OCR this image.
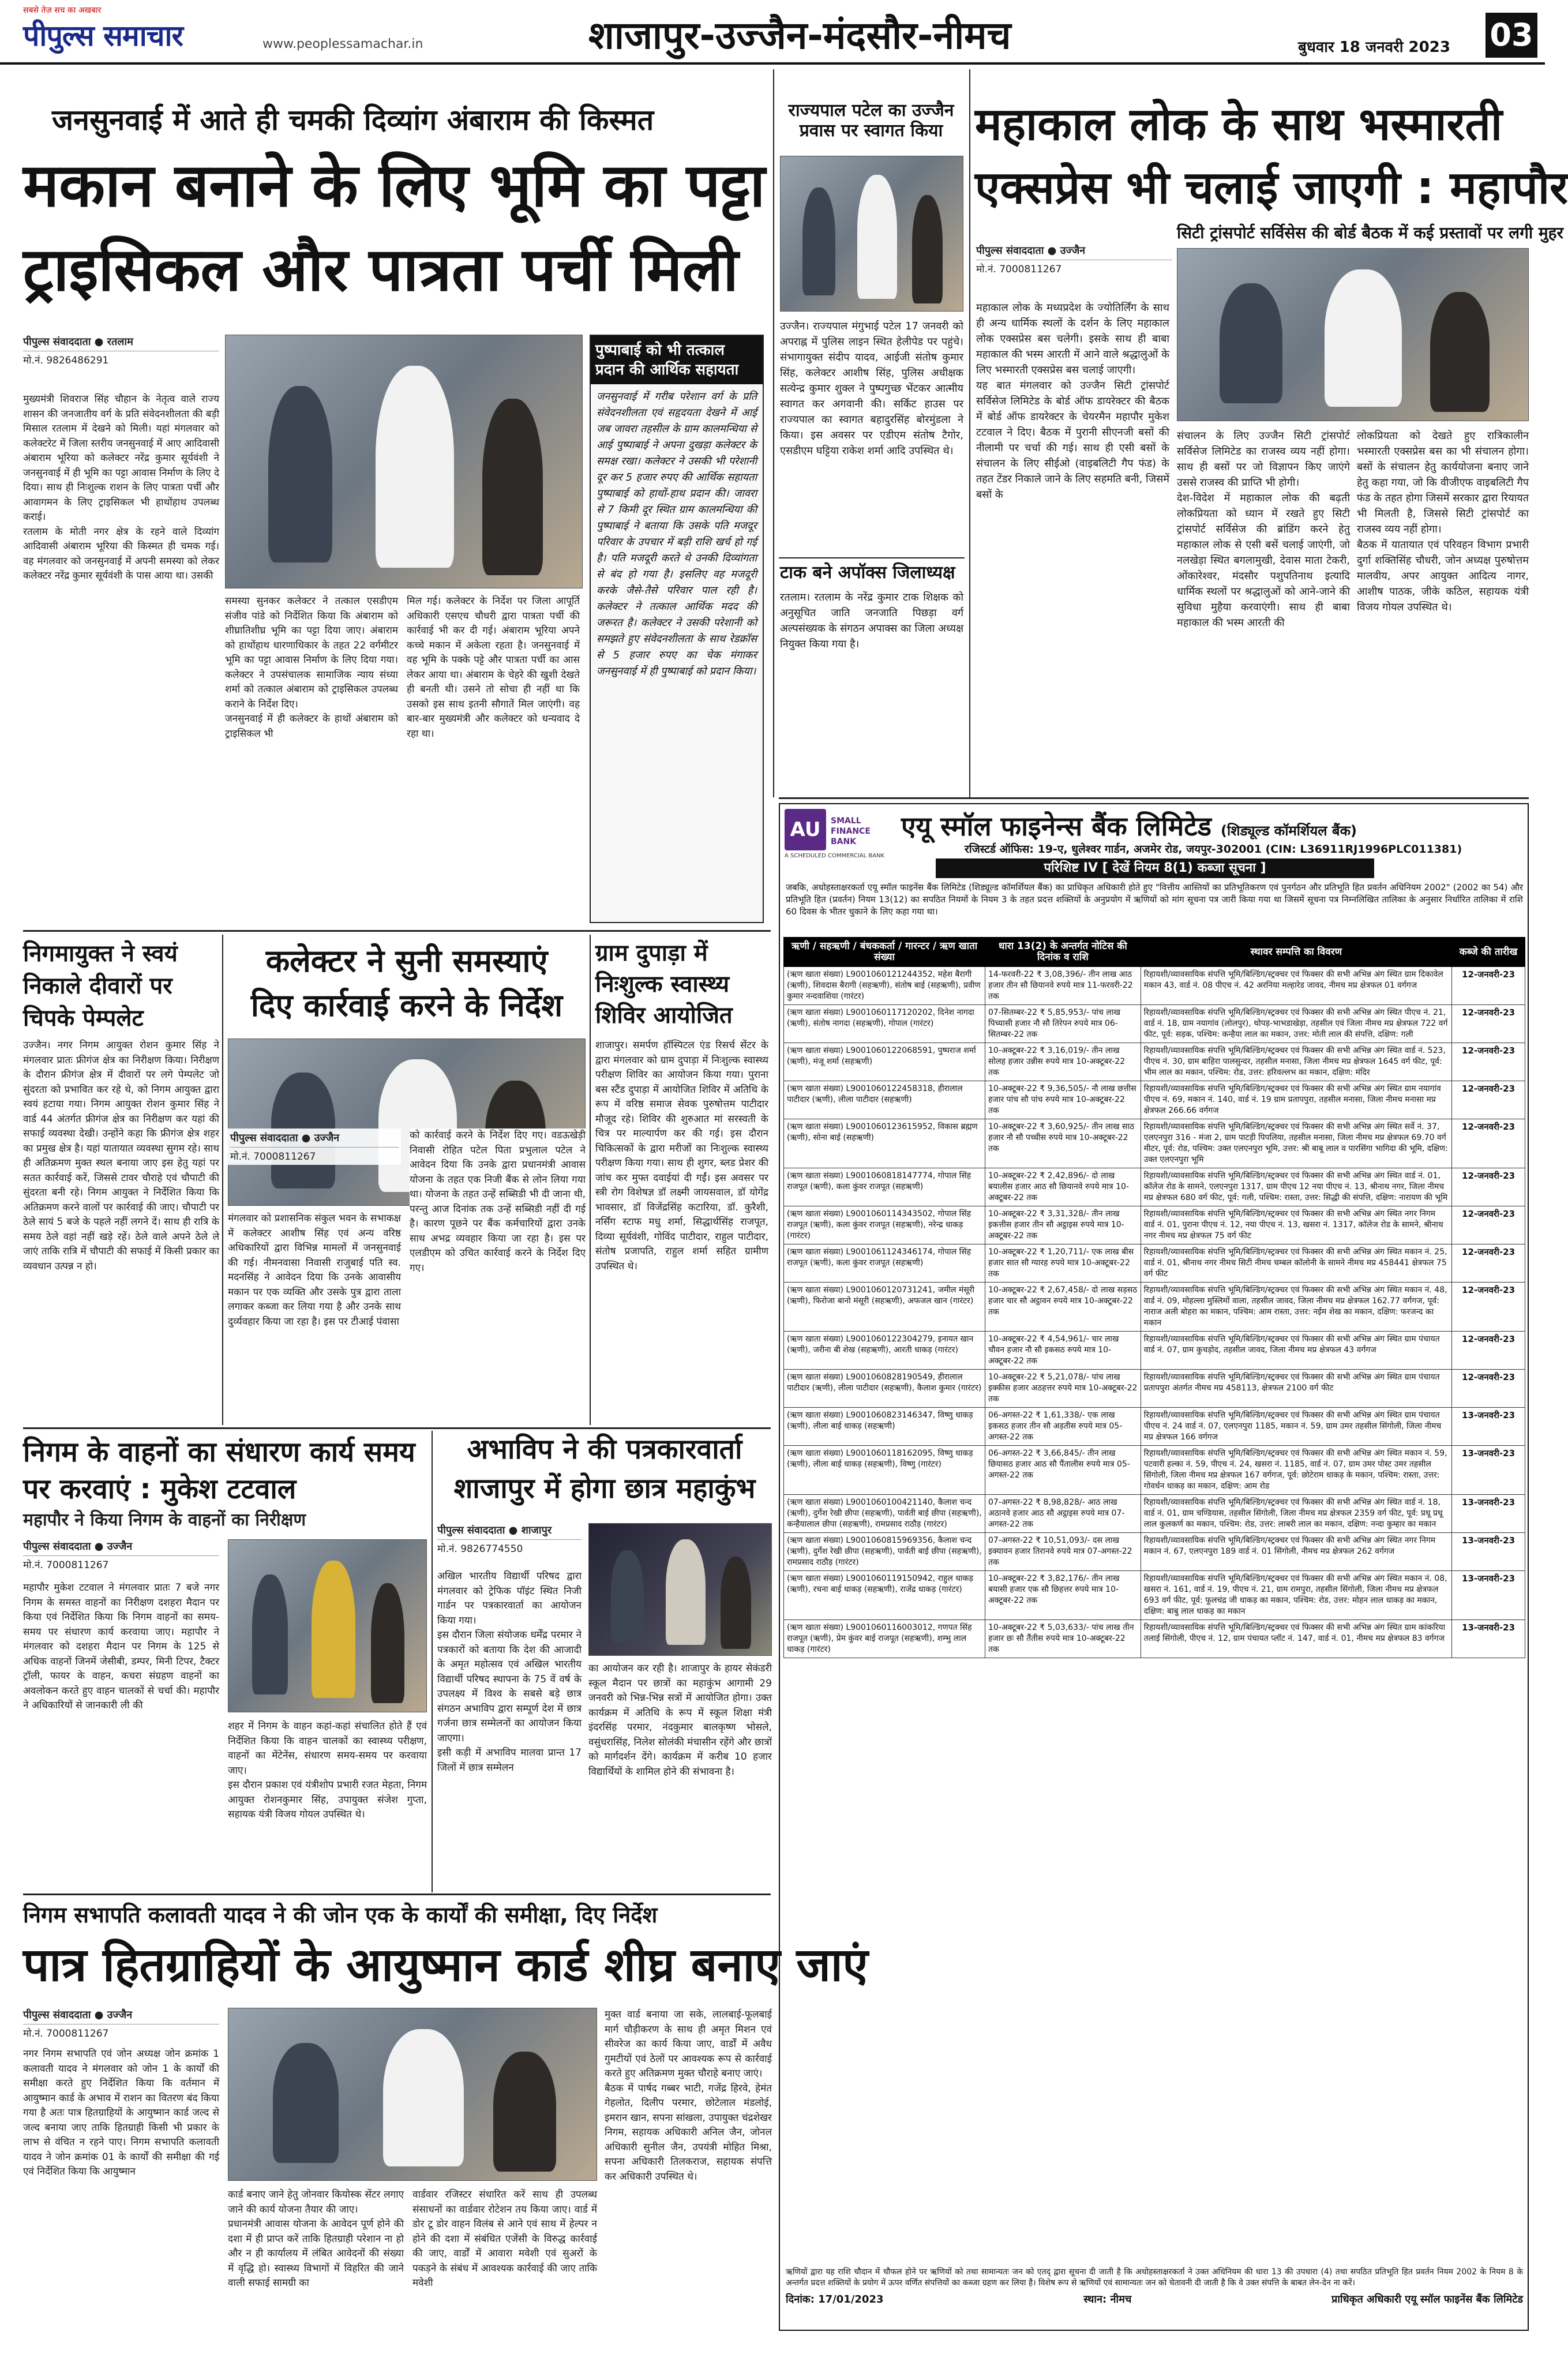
सबसे तेज़ सच का अखबार
पीपुल्स समाचार	www.peoplessamachar.in	शाजापुर-उज्जैन-मंदसौर-नीमच	बुधवार 18 जनवरी 2023 03
जनसुनवाई में आते ही चमकी दिव्यांग अंबाराम की किस्मत
मकान बनाने के लिए भूमि का पट्टा
ट्राइसिकल और पात्रता पर्ची मिली
पीपुल्स संवाददाता ● रतलाम
मो.नं. 9826486291
मुख्यमंत्री शिवराज सिंह चौहान के नेतृत्व वाले राज्य शासन की जनजातीय वर्ग के प्रति संवेदनशीलता की बड़ी मिसाल रतलाम में देखने को मिली। यहां मंगलवार को कलेक्टरेट में जिला स्तरीय जनसुनवाई में आए आदिवासी अंबाराम भूरिया को कलेक्टर नरेंद्र कुमार सूर्यवंशी ने जनसुनवाई में ही भूमि का पट्टा आवास निर्माण के लिए दे दिया। साथ ही निःशुल्क राशन के लिए पात्रता पर्ची और आवागमन के लिए ट्राइसिकल भी हाथोंहाथ उपलब्ध कराई।
रतलाम के मोती नगर क्षेत्र के रहने वाले दिव्यांग आदिवासी अंबाराम भूरिया की किस्मत ही चमक गई। वह मंगलवार को जनसुनवाई में अपनी समस्या को लेकर कलेक्टर नरेंद्र कुमार सूर्यवंशी के पास आया था। उसकी
समस्या सुनकर कलेक्टर ने तत्काल एसडीएम संजीव पांडे को निर्देशित किया कि अंबाराम को शीघ्रातिशीघ्र भूमि का पट्टा दिया जाए। अंबाराम को हाथोंहाथ धारणाधिकार के तहत 22 वर्गमीटर भूमि का पट्टा आवास निर्माण के लिए दिया गया। कलेक्टर ने उपसंचालक सामाजिक न्याय संध्या शर्मा को तत्काल अंबाराम को ट्राइसिकल उपलब्ध कराने के निर्देश दिए।
जनसुनवाई में ही कलेक्टर के हाथों अंबाराम को ट्राइसिकल भी
मिल गई। कलेक्टर के निर्देश पर जिला आपूर्ति अधिकारी एसएच चौधरी द्वारा पात्रता पर्ची की कार्रवाई भी कर दी गई। अंबाराम भूरिया अपने कच्चे मकान में अकेला रहता है। जनसुनवाई में वह भूमि के पक्के पट्टे और पात्रता पर्ची का आस लेकर आया था। अंबाराम के चेहरे की खुशी देखते ही बनती थी। उसने तो सोचा ही नहीं था कि उसको इस साथ इतनी सौगातें मिल जाएंगी। वह बार-बार मुख्यमंत्री और कलेक्टर को धन्यवाद दे रहा था।
पुष्पाबाई को भी तत्काल प्रदान की आर्थिक सहायता
जनसुनवाई में गरीब परेशान वर्ग के प्रति संवेदनशीलता एवं सहृदयता देखने में आई जब जावरा तहसील के ग्राम कालमन्धिया से आई पुष्पाबाई ने अपना दुखड़ा कलेक्टर के समक्ष रखा। कलेक्टर ने उसकी भी परेशानी दूर कर 5 हजार रुपए की आर्थिक सहायता पुष्पाबाई को हाथों-हाथ प्रदान की। जावरा से 7 किमी दूर स्थित ग्राम कालमन्धिया की पुष्पाबाई ने बताया कि उसके पति मजदूर परिवार के उपचार में बड़ी राशि खर्च हो गई है। पति मजदूरी करते थे उनकी दिव्यांगता से बंद हो गया है। इसलिए वह मजदूरी करके जैसे-तैसे परिवार पाल रही है। कलेक्टर ने तत्काल आर्थिक मदद की जरूरत है। कलेक्टर ने उसकी परेशानी को समझते हुए संवेदनशीलता के साथ रेडक्रॉस से 5 हजार रुपए का चेक मंगाकर जनसुनवाई में ही पुष्पाबाई को प्रदान किया।
राज्यपाल पटेल का उज्जैन प्रवास पर स्वागत किया
उज्जैन। राज्यपाल मंगुभाई पटेल 17 जनवरी को अपराह्न में पुलिस लाइन स्थित हेलीपेड पर पहुंचे। संभागायुक्त संदीप यादव, आईजी संतोष कुमार सिंह, कलेक्टर आशीष सिंह, पुलिस अधीक्षक सत्येन्द्र कुमार शुक्ल ने पुष्पगुच्छ भेंटकर आत्मीय स्वागत कर अगवानी की। सर्किट हाउस पर राज्यपाल का स्वागत बहादुरसिंह बोरमुंडला ने किया। इस अवसर पर एडीएम संतोष टैगोर, एसडीएम घट्टिया राकेश शर्मा आदि उपस्थित थे।
टाक बने अपॉक्स जिलाध्यक्ष
रतलाम। रतलाम के नरेंद्र कुमार टाक शिक्षक को अनुसूचित जाति जनजाति पिछड़ा वर्ग अल्पसंख्यक के संगठन अपाक्स का जिला अध्यक्ष नियुक्त किया गया है।
महाकाल लोक के साथ भस्मारती
एक्सप्रेस भी चलाई जाएगी : महापौर
सिटी ट्रांसपोर्ट सर्विसेस की बोर्ड बैठक में कई प्रस्तावों पर लगी मुहर
पीपुल्स संवाददाता ● उज्जैन
मो.नं. 7000811267
महाकाल लोक के मध्यप्रदेश के ज्योतिर्लिंग के साथ ही अन्य धार्मिक स्थलों के दर्शन के लिए महाकाल लोक एक्सप्रेस बस चलेगी। इसके साथ ही बाबा महाकाल की भस्म आरती में आने वाले श्रद्धालुओं के लिए भस्मारती एक्सप्रेस बस चलाई जाएगी।
यह बात मंगलवार को उज्जैन सिटी ट्रांसपोर्ट सर्विसेज लिमिटेड के बोर्ड ऑफ डायरेक्टर की बैठक में बोर्ड ऑफ डायरेक्टर के चेयरमैन महापौर मुकेश टटवाल ने दिए। बैठक में पुरानी सीएनजी बसों की नीलामी पर चर्चा की गई। साथ ही एसी बसों के संचालन के लिए सीईओ (वाइबलिटी गैप फंड) के तहत टेंडर निकाले जाने के लिए सहमति बनी, जिसमें बसों के
संचालन के लिए उज्जैन सिटी ट्रांसपोर्ट सर्विसेज लिमिटेड का राजस्व व्यय नहीं होगा। साथ ही बसों पर जो विज्ञापन किए जाएंगे उससे राजस्व की प्राप्ति भी होगी।
देश-विदेश में महाकाल लोक की बढ़ती लोकप्रियता को ध्यान में रखते हुए सिटी ट्रांसपोर्ट सर्विसेज की ब्रांडिंग करने हेतु महाकाल लोक से एसी बसें चलाई जाएंगी, जो नलखेड़ा स्थित बगलामुखी, देवास माता टेकरी, ओंकारेश्वर, मंदसौर पशुपतिनाथ इत्यादि धार्मिक स्थलों पर श्रद्धालुओं को आने-जाने की सुविधा मुहैया करवाएंगी। साथ ही बाबा महाकाल की भस्म आरती की
लोकप्रियता को देखते हुए रात्रिकालीन भस्मारती एक्सप्रेस बस का भी संचालन होगा। बसों के संचालन हेतु कार्ययोजना बनाए जाने हेतु कहा गया, जो कि वीजीएफ वाइबलिटी गैप फंड के तहत होगा जिसमें सरकार द्वारा रियायत भी मिलती है, जिससे सिटी ट्रांसपोर्ट का राजस्व व्यय नहीं होगा।
बैठक में यातायात एवं परिवहन विभाग प्रभारी दुर्गा शक्तिसिंह चौधरी, जोन अध्यक्ष पुरुषोत्तम मालवीय, अपर आयुक्त आदित्य नागर, आशीष पाठक, जीके कठिल, सहायक यंत्री विजय गोयल उपस्थित थे।
AU	SMALL FINANCE BANK
A SCHEDULED COMMERCIAL BANK
एयू स्मॉल फाइनेन्स बैंक लिमिटेड (शिड्यूल्ड कॉमर्शियल बैंक)
रजिस्टर्ड ऑफिस: 19-ए, धुलेश्वर गार्डन, अजमेर रोड, जयपुर-302001 (CIN: L36911RJ1996PLC011381)
परिशिष्ट IV [ देखें नियम 8(1) कब्जा सूचना ]
जबकि, अधोहस्ताक्षरकर्ता एयू स्मॉल फाइनेंस बैंक लिमिटेड (शिड्यूल्ड कॉमर्शियल बैंक) का प्राधिकृत अधिकारी होते हुए "वित्तीय आस्तियों का प्रतिभूतिकरण एवं पुनर्गठन और प्रतिभूति हित प्रवर्तन अधिनियम 2002" (2002 का 54) और प्रतिभूति हित (प्रवर्तन) नियम 13(12) का सपठित नियमों के नियम 3 के तहत प्रदत्त शक्तियों के अनुप्रयोग में ऋणियों को मांग सूचना पत्र जारी किया गया था जिसमें सूचना पत्र निम्नलिखित तालिका के अनुसार निर्धारित तालिका में राशि 60 दिवस के भीतर चुकाने के लिए कहा गया था।
ऋणी / सहऋणी / बंधककर्ता / गारन्टर / ऋण खाता संख्या	धारा 13(2) के अन्तर्गत नोटिस की दिनांक व राशि	स्थावर सम्पत्ति का विवरण	कब्जे की तारीख
(ऋण खाता संख्या) L9001060121244352, महेश बैरागी (ऋणी), शिवदास बैरागी (सहऋणी), संतोष बाई (सहऋणी), प्रवीण कुमार नन्दवाशिया (गारंटर)	14-फरवरी-22 ₹ 3,08,396/- तीन लाख आठ हजार तीन सौ छियानवे रुपये मात्र 11-फरवरी-22 तक	रिहायशी/व्यावसायिक संपत्ति भूमि/बिल्डिंग/स्ट्रक्चर एवं फिक्सर की सभी अभिन्न अंग स्थित ग्राम दिकावेल मकान 43, वार्ड नं. 08 पीएच नं. 42 अरनिया मल्हारेड जावद, नीमच मप्र क्षेत्रफल 01 वर्गगज	12-जनवरी-23
(ऋण खाता संख्या) L9001060117120202, दिनेश नागदा (ऋणी), संतोष नागदा (सहऋणी), गोपाल (गारंटर)	07-सितम्बर-22 ₹ 5,85,953/- पांच लाख पिच्यासी हजार नौ सौ तिरेपन रुपये मात्र 06-सितम्बर-22 तक	रिहायशी/व्यावसायिक संपत्ति भूमि/बिल्डिंग/स्ट्रक्चर एवं फिक्सर की सभी अभिन्न अंग स्थित पीएच नं. 21, वार्ड नं. 18, ग्राम नयागांव (लोलपुर), थोपड़-भाभडाखेड़ा, तहसील एवं जिला नीमच मप्र क्षेत्रफल 722 वर्ग फीट, पूर्व: सड़क, पश्चिम: कन्हैया लाल का मकान, उत्तर: मोती लाल की संपत्ति, दक्षिण: गली	12-जनवरी-23
(ऋण खाता संख्या) L9001060122068591, पुष्पराज शर्मा (ऋणी), मंजू शर्मा (सहऋणी)	10-अक्टूबर-22 ₹ 3,16,019/- तीन लाख सोलह हजार उन्नीस रुपये मात्र 10-अक्टूबर-22 तक	रिहायशी/व्यावसायिक संपत्ति भूमि/बिल्डिंग/स्ट्रक्चर एवं फिक्सर की सभी अभिन्न अंग स्थित वार्ड नं. 523, पीएच नं. 30, ग्राम बाहिरा पालसुन्दर, तहसील मनासा, जिला नीमच मप्र क्षेत्रफल 1645 वर्ग फीट, पूर्व: भीम लाल का मकान, पश्चिम: रोड, उत्तर: हरिवल्लभ का मकान, दक्षिण: मंदिर	12-जनवरी-23
(ऋण खाता संख्या) L9001060122458318, हीरालाल पाटीदार (ऋणी), लीला पाटीदार (सहऋणी)	10-अक्टूबर-22 ₹ 9,36,505/- नौ लाख छत्तीस हजार पांच सौ पांच रुपये मात्र 10-अक्टूबर-22 तक	रिहायशी/व्यावसायिक संपत्ति भूमि/बिल्डिंग/स्ट्रक्चर एवं फिक्सर की सभी अभिन्न अंग स्थित ग्राम नयागांव पीएच नं. 69, मकान नं. 140, वार्ड नं. 19 ग्राम प्रतापपुरा, तहसील मनासा, जिला नीमच मनासा मप्र क्षेत्रफल 266.66 वर्गगज	12-जनवरी-23
(ऋण खाता संख्या) L9001060123615952, विकास ब्रह्मण (ऋणी), सोना बाई (सहऋणी)	10-अक्टूबर-22 ₹ 3,60,925/- तीन लाख साठ हजार नौ सौ पच्चीस रुपये मात्र 10-अक्टूबर-22 तक	रिहायशी/व्यावसायिक संपत्ति भूमि/बिल्डिंग/स्ट्रक्चर एवं फिक्सर की सभी अभिन्न अंग स्थित सर्वे नं. 37, एलएनपुरा 316 - मंजा 2, ग्राम पाटड़ी पिपलिया, तहसील मनासा, जिला नीमच मप्र क्षेत्रफल 69.70 वर्ग मीटर, पूर्व: रोड, पश्चिम: उक्त एलएनपुरा भूमि, उत्तर: श्री बाबू लाल व पारसिंगा भागिदा की भूमि, दक्षिण: उक्त एलएनपुरा भूमि	12-जनवरी-23
(ऋण खाता संख्या) L9001060818147774, गोपाल सिंह राजपूत (ऋणी), कला कुंवर राजपूत (सहऋणी)	10-अक्टूबर-22 ₹ 2,42,896/- दो लाख बयालीस हजार आठ सौ छियानवे रुपये मात्र 10-अक्टूबर-22 तक	रिहायशी/व्यावसायिक संपत्ति भूमि/बिल्डिंग/स्ट्रक्चर एवं फिक्सर की सभी अभिन्न अंग स्थित वार्ड नं. 01, कॉलेज रोड के सामने, एलएनपुरा 1317, ग्राम पीएच 12 नया पीएच नं. 13, श्रीनाथ नगर, जिला नीमच मप्र क्षेत्रफल 680 वर्ग फीट, पूर्व: गली, पश्चिम: रास्ता, उत्तर: सिद्धी की संपत्ति, दक्षिण: नारायण की भूमि	12-जनवरी-23
(ऋण खाता संख्या) L9001060114343502, गोपाल सिंह राजपूत (ऋणी), कला कुंवर राजपूत (सहऋणी), नरेन्द्र धाकड़ (गारंटर)	10-अक्टूबर-22 ₹ 3,31,328/- तीन लाख इकत्तीस हजार तीन सौ अट्ठाइस रुपये मात्र 10-अक्टूबर-22 तक	रिहायशी/व्यावसायिक संपत्ति भूमि/बिल्डिंग/स्ट्रक्चर एवं फिक्सर की सभी अभिन्न अंग स्थित नगर निगम वार्ड नं. 01, पुराना पीएच नं. 12, नया पीएच नं. 13, खसरा नं. 1317, कॉलेज रोड के सामने, श्रीनाथ नगर नीमच मप्र क्षेत्रफल 75 वर्ग फीट	12-जनवरी-23
(ऋण खाता संख्या) L9001061124346174, गोपाल सिंह राजपूत (ऋणी), कला कुंवर राजपूत (सहऋणी)	10-अक्टूबर-22 ₹ 1,20,711/- एक लाख बीस हजार सात सौ ग्यारह रुपये मात्र 10-अक्टूबर-22 तक	रिहायशी/व्यावसायिक संपत्ति भूमि/बिल्डिंग/स्ट्रक्चर एवं फिक्सर की सभी अभिन्न अंग स्थित मकान नं. 25, वार्ड नं. 01, श्रीनाथ नगर नीमच सिटी नीमच चम्बल कॉलोनी के सामने नीमच मप्र 458441 क्षेत्रफल 75 वर्ग फीट	12-जनवरी-23
(ऋण खाता संख्या) L9001060120731241, जमील मंसूरी (ऋणी), फिरोजा बानो मंसूरी (सहऋणी), अफजल खान (गारंटर)	10-अक्टूबर-22 ₹ 2,67,458/- दो लाख सड़सठ हजार चार सौ अट्ठावन रुपये मात्र 10-अक्टूबर-22 तक	रिहायशी/व्यावसायिक संपत्ति भूमि/बिल्डिंग/स्ट्रक्चर एवं फिक्सर की सभी अभिन्न अंग स्थित मकान नं. 48, वार्ड नं. 09, मोहल्ला मुस्लिमों वाला, तहसील जावद, जिला नीमच मप्र क्षेत्रफल 162.77 वर्गगज, पूर्व: नाराज अली बोहरा का मकान, पश्चिम: आम रास्ता, उत्तर: नईम शेख का मकान, दक्षिण: फरजन्द का मकान	12-जनवरी-23
(ऋण खाता संख्या) L9001060122304279, इनायत खान (ऋणी), जरीना बी शेख (सहऋणी), आरती धाकड़ (गारंटर)	10-अक्टूबर-22 ₹ 4,54,961/- चार लाख चौवन हजार नौ सौ इकसठ रुपये मात्र 10-अक्टूबर-22 तक	रिहायशी/व्यावसायिक संपत्ति भूमि/बिल्डिंग/स्ट्रक्चर एवं फिक्सर की सभी अभिन्न अंग स्थित ग्राम पंचायत वार्ड नं. 07, ग्राम कुचड़ोद, तहसील जावद, जिला नीमच मप्र क्षेत्रफल 43 वर्गगज	12-जनवरी-23
(ऋण खाता संख्या) L9001060828190549, हीरालाल पाटीदार (ऋणी), लीला पाटीदार (सहऋणी), कैलाश कुमार (गारंटर)	10-अक्टूबर-22 ₹ 5,21,078/- पांच लाख इक्कीस हजार अठहत्तर रुपये मात्र 10-अक्टूबर-22 तक	रिहायशी/व्यावसायिक संपत्ति भूमि/बिल्डिंग/स्ट्रक्चर एवं फिक्सर की सभी अभिन्न अंग स्थित ग्राम पंचायत प्रतापपुरा अंतर्गत नीमच मप्र 458113, क्षेत्रफल 2100 वर्ग फीट	12-जनवरी-23
(ऋण खाता संख्या) L9001060823146347, विष्णु धाकड़ (ऋणी), लीला बाई धाकड़ (सहऋणी)	06-अगस्त-22 ₹ 1,61,338/- एक लाख इकसठ हजार तीन सौ अड़तीस रुपये मात्र 05-अगस्त-22 तक	रिहायशी/व्यावसायिक संपत्ति भूमि/बिल्डिंग/स्ट्रक्चर एवं फिक्सर की सभी अभिन्न अंग स्थित ग्राम पंचायत पीएच नं. 24 वार्ड नं. 07, एलएनपुरा 1185, मकान नं. 59, ग्राम उमर तहसील सिंगोली, जिला नीमच मप्र क्षेत्रफल 166 वर्गगज	13-जनवरी-23
(ऋण खाता संख्या) L9001060118162095, विष्णु धाकड़ (ऋणी), लीला बाई धाकड़ (सहऋणी), विष्णु (गारंटर)	06-अगस्त-22 ₹ 3,66,845/- तीन लाख छियासठ हजार आठ सौ पैंतालीस रुपये मात्र 05-अगस्त-22 तक	रिहायशी/व्यावसायिक संपत्ति भूमि/बिल्डिंग/स्ट्रक्चर एवं फिक्सर की सभी अभिन्न अंग स्थित मकान नं. 59, पटवारी हल्का नं. 59, पीएच नं. 24, खसरा नं. 1185, वार्ड नं. 07, ग्राम उमर पोस्ट उमर तहसील सिंगोली, जिला नीमच मप्र क्षेत्रफल 167 वर्गगज, पूर्व: छोटेराम धाकड़ के मकान, पश्चिम: रास्ता, उत्तर: गोवर्धन धाकड़ का मकान, दक्षिण: आम रोड	13-जनवरी-23
(ऋण खाता संख्या) L9001060100421140, कैलाश चन्द (ऋणी), दुर्गेश रेखी छीपा (सहऋणी), पार्वती बाई छीपा (सहऋणी), कन्हैयालाल छीपा (सहऋणी), रामप्रसाद राठौड़ (गारंटर)	07-अगस्त-22 ₹ 8,98,828/- आठ लाख अठानवे हजार आठ सौ अट्ठाइस रुपये मात्र 07-अगस्त-22 तक	रिहायशी/व्यावसायिक संपत्ति भूमि/बिल्डिंग/स्ट्रक्चर एवं फिक्सर की सभी अभिन्न अंग स्थित वार्ड नं. 18, वार्ड नं. 01, ग्राम चण्डियास, तहसील सिंगोली, जिला नीमच मप्र क्षेत्रफल 2359 वर्ग फीट, पूर्व: प्रधू प्रधू लाल कुलकर्ण का मकान, पश्चिम: रोड, उत्तर: लाबरी लाल का मकान, दक्षिण: नन्दा कुम्हार का मकान	13-जनवरी-23
(ऋण खाता संख्या) L9001060815969356, कैलाश चन्द (ऋणी), दुर्गेश रेखी छीपा (सहऋणी), पार्वती बाई छीपा (सहऋणी), रामप्रसाद राठौड़ (गारंटर)	07-अगस्त-22 ₹ 10,51,093/- दस लाख इक्यावन हजार तिरानवे रुपये मात्र 07-अगस्त-22 तक	रिहायशी/व्यावसायिक संपत्ति भूमि/बिल्डिंग/स्ट्रक्चर एवं फिक्सर की सभी अभिन्न अंग स्थित नगर निगम मकान नं. 67, एलएनपुरा 189 वार्ड नं. 01 सिंगोली, नीमच मप्र क्षेत्रफल 262 वर्गगज	13-जनवरी-23
(ऋण खाता संख्या) L9001060119150942, राहुल धाकड़ (ऋणी), रचना बाई धाकड़ (सहऋणी), राजेंद्र धाकड़ (गारंटर)	10-अक्टूबर-22 ₹ 3,82,176/- तीन लाख बयासी हजार एक सौ छिहत्तर रुपये मात्र 10-अक्टूबर-22 तक	रिहायशी/व्यावसायिक संपत्ति भूमि/बिल्डिंग/स्ट्रक्चर एवं फिक्सर की सभी अभिन्न अंग स्थित मकान नं. 08, खसरा नं. 161, वार्ड नं. 19, पीएच नं. 21, ग्राम रामपुरा, तहसील सिंगोली, जिला नीमच मप्र क्षेत्रफल 693 वर्ग फीट, पूर्व: फूलचंद्र जी धाकड़ का मकान, पश्चिम: रोड, उत्तर: मोहन लाल धाकड़ का मकान, दक्षिण: बाबु लाल धाकड़ का मकान	13-जनवरी-23
(ऋण खाता संख्या) L9001060116003012, गणपत सिंह राजपूत (ऋणी), प्रेम कुंवर बाई राजपूत (सहऋणी), शम्भु लाल धाकड़ (गारंटर)	10-अक्टूबर-22 ₹ 5,03,633/- पांच लाख तीन हजार छः सौ तैंतीस रुपये मात्र 10-अक्टूबर-22 तक	रिहायशी/व्यावसायिक संपत्ति भूमि/बिल्डिंग/स्ट्रक्चर एवं फिक्सर की सभी अभिन्न अंग स्थित ग्राम कांकरिया तलाई सिंगोली, पीएच नं. 12, ग्राम पंचायत प्लॉट नं. 147, वार्ड नं. 01, नीमच मप्र क्षेत्रफल 83 वर्गगज	13-जनवरी-23
ऋणियों द्वारा यह राशि चौदान में चौफल होने पर ऋणियों को तथा सामान्यतः जन को एतद् द्वारा सूचना दी जाती है कि अधोहस्ताक्षरकर्ता ने उक्त अधिनियम की धारा 13 की उपधारा (4) तथा सपठित प्रतिभूति हित प्रवर्तन नियम 2002 के नियम 8 के अन्तर्गत प्रदत्त शक्तियों के प्रयोग में ऊपर वर्णित संपत्तियों का कब्जा ग्रहण कर लिया है। विशेष रूप से ऋणियों एवं सामान्यतः जन को चेतावनी दी जाती है कि वे उक्त संपत्ति के बाबत लेन-देन ना करें।
दिनांक: 17/01/2023	स्थान: नीमच	प्राधिकृत अधिकारी एयू स्मॉल फाइनेंस बैंक लिमिटेड
निगमायुक्त ने स्वयं निकाले दीवारों पर चिपके पेम्पलेट
उज्जैन। नगर निगम आयुक्त रोशन कुमार सिंह ने मंगलवार प्रातः फ्रीगंज क्षेत्र का निरीक्षण किया। निरीक्षण के दौरान फ्रीगंज क्षेत्र में दीवारों पर लगे पेम्पलेट जो सुंदरता को प्रभावित कर रहे थे, को निगम आयुक्त द्वारा स्वयं हटाया गया। निगम आयुक्त रोशन कुमार सिंह ने वार्ड 44 अंतर्गत फ्रीगंज क्षेत्र का निरीक्षण कर यहां की सफाई व्यवस्था देखी। उन्होंने कहा कि फ्रीगंज क्षेत्र शहर का प्रमुख क्षेत्र है। यहां यातायात व्यवस्था सुगम रहे। साथ ही अतिक्रमण मुक्त स्थल बनाया जाए इस हेतु यहां पर सतत कार्रवाई करें, जिससे टावर चौराहे एवं चौपाटी की सुंदरता बनी रहे। निगम आयुक्त ने निर्देशित किया कि अतिक्रमण करने वालों पर कार्रवाई की जाए। चौपाटी पर ठेले सायं 5 बजे के पहले नहीं लगने दें। साथ ही रात्रि के समय ठेले वहां नहीं खड़े रहें। ठेले वाले अपने ठेले ले जाएं ताकि रात्रि में चौपाटी की सफाई में किसी प्रकार का व्यवधान उत्पन्न न हो।
कलेक्टर ने सुनी समस्याएं
दिए कार्रवाई करने के निर्देश
पीपुल्स संवाददाता ● उज्जैन
मो.नं. 7000811267
मंगलवार को प्रशासनिक संकुल भवन के सभाकक्ष में कलेक्टर आशीष सिंह एवं अन्य वरिष्ठ अधिकारियों द्वारा विभिन्न मामलों में जनसुनवाई की गई। नीमनवासा निवासी राजुबाई पति स्व. मदनसिंह ने आवेदन दिया कि उनके आवासीय मकान पर एक व्यक्ति और उसके पुत्र द्वारा ताला लगाकर कब्जा कर लिया गया है और उनके साथ दुर्व्यवहार किया जा रहा है। इस पर टीआई पंवासा
को कार्रवाई करने के निर्देश दिए गए। वडऊखेड़ी निवासी रोहित पटेल पिता प्रभुलाल पटेल ने आवेदन दिया कि उनके द्वारा प्रधानमंत्री आवास योजना के तहत एक निजी बैंक से लोन लिया गया था। योजना के तहत उन्हें सब्सिडी भी दी जाना थी, परन्तु आज दिनांक तक उन्हें सब्सिडी नहीं दी गई है। कारण पूछने पर बैंक कर्मचारियों द्वारा उनके साथ अभद्र व्यवहार किया जा रहा है। इस पर एलडीएम को उचित कार्रवाई करने के निर्देश दिए गए।
ग्राम दुपाड़ा में निःशुल्क स्वास्थ्य शिविर आयोजित
शाजापुर। समर्पण हॉस्पिटल एंड रिसर्च सेंटर के द्वारा मंगलवार को ग्राम दुपाड़ा में निःशुल्क स्वास्थ्य परीक्षण शिविर का आयोजन किया गया। पुराना बस स्टैंड दुपाड़ा में आयोजित शिविर में अतिथि के रूप में वरिष्ठ समाज सेवक पुरुषोत्तम पाटीदार मौजूद रहे। शिविर की शुरुआत मां सरस्वती के चित्र पर माल्यार्पण कर की गई। इस दौरान चिकित्सकों के द्वारा मरीजों का निःशुल्क स्वास्थ्य परीक्षण किया गया। साथ ही शुगर, ब्लड प्रेशर की जांच कर मुफ्त दवाईयां दी गईं। इस अवसर पर स्त्री रोग विशेषज्ञ डॉ लक्ष्मी जायसवाल, डॉ योगेंद्र भावसार, डॉ विजेंद्रसिंह कटारिया, डॉ. कुरैशी, नर्सिंग स्टाफ मधु शर्मा, सिद्धार्थसिंह राजपूत, दिव्या सूर्यवंशी, गोविंद पाटीदार, राहुल पाटीदार, संतोष प्रजापति, राहुल शर्मा सहित ग्रामीण उपस्थित थे।
निगम के वाहनों का संधारण कार्य समय पर करवाएं : मुकेश टटवाल
महापौर ने किया निगम के वाहनों का निरीक्षण
पीपुल्स संवाददाता ● उज्जैन
मो.नं. 7000811267
महापौर मुकेश टटवाल ने मंगलवार प्रातः 7 बजे नगर निगम के समस्त वाहनों का निरीक्षण दशहरा मैदान पर किया एवं निर्देशित किया कि निगम वाहनों का समय-समय पर संधारण कार्य करवाया जाए। महापौर ने मंगलवार को दशहरा मैदान पर निगम के 125 से अधिक वाहनों जिनमें जेसीबी, डम्पर, मिनी टिपर, टैक्टर ट्रॉली, फायर के वाहन, कचरा संग्रहण वाहनों का अवलोकन करते हुए वाहन चालकों से चर्चा की। महापौर ने अधिकारियों से जानकारी ली की
शहर में निगम के वाहन कहां-कहां संचालित होते हैं एवं निर्देशित किया कि वाहन चालकों का स्वास्थ्य परीक्षण, वाहनों का मेंटेनेंस, संधारण समय-समय पर करवाया जाए।
इस दौरान प्रकाश एवं यंत्रीशोप प्रभारी रजत मेहता, निगम आयुक्त रोशनकुमार सिंह, उपायुक्त संजेश गुप्ता, सहायक यंत्री विजय गोयल उपस्थित थे।
अभाविप ने की पत्रकारवार्ता
शाजापुर में होगा छात्र महाकुंभ
पीपुल्स संवाददाता ● शाजापुर
मो.नं. 9826774550
अखिल भारतीय विद्यार्थी परिषद द्वारा मंगलवार को ट्रेफिक पॉइंट स्थित निजी गार्डन पर पत्रकारवार्ता का आयोजन किया गया।
इस दौरान जिला संयोजक धर्मेंद्र परमार ने पत्रकारों को बताया कि देश की आजादी के अमृत महोत्सव एवं अखिल भारतीय विद्यार्थी परिषद स्थापना के 75 वें वर्ष के उपलक्ष्य में विश्व के सबसे बड़े छात्र संगठन अभाविप द्वारा सम्पूर्ण देश में छात्र गर्जना छात्र सम्मेलनों का आयोजन किया जाएगा।
इसी कड़ी में अभाविप मालवा प्रान्त 17 जिलों में छात्र सम्मेलन
का आयोजन कर रही है। शाजापुर के हायर सेकंडरी स्कूल मैदान पर छात्रों का महाकुंभ आगामी 29 जनवरी को भिन्न-भिन्न सत्रों में आयोजित होगा। उक्त कार्यक्रम में अतिथि के रूप में स्कूल शिक्षा मंत्री इंदरसिंह परमार, नंदकुमार बालकृष्ण भोसले, वसुंधरासिंह, निलेश सोलंकी मंचासीन रहेंगे और छात्रों को मार्गदर्शन देंगे। कार्यक्रम में करीब 10 हजार विद्यार्थियों के शामिल होने की संभावना है।
निगम सभापति कलावती यादव ने की जोन एक के कार्यों की समीक्षा, दिए निर्देश
पात्र हितग्राहियों के आयुष्मान कार्ड शीघ्र बनाए जाएं
पीपुल्स संवाददाता ● उज्जैन
मो.नं. 7000811267
नगर निगम सभापति एवं जोन अध्यक्ष जोन क्रमांक 1 कलावती यादव ने मंगलवार को जोन 1 के कार्यों की समीक्षा करते हुए निर्देशित किया कि वर्तमान में आयुष्मान कार्ड के अभाव में राशन का वितरण बंद किया गया है अतः पात्र हितग्राहियों के आयुष्मान कार्ड जल्द से जल्द बनाया जाए ताकि हितग्राही किसी भी प्रकार के लाभ से वंचित न रहने पाए। निगम सभापति कलावती यादव ने जोन क्रमांक 01 के कार्यों की समीक्षा की गई एवं निर्देशित किया कि आयुष्मान
कार्ड बनाए जाने हेतु जोनवार कियोस्क सेंटर लगाए जाने की कार्य योजना तैयार की जाए।
प्रधानमंत्री आवास योजना के आवेदन पूर्ण होने की दशा में ही प्राप्त करें ताकि हितग्राही परेशान ना हो और न ही कार्यालय में लंबित आवेदनों की संख्या में वृद्धि हो। स्वास्थ्य विभागों में विहरित की जाने वाली सफाई सामग्री का
वार्डवार रजिस्टर संधारित करें साथ ही उपलब्ध संसाधनों का वार्डवार रोटेशन तय किया जाए। वार्ड में डोर टू डोर वाहन विलंब से आने एवं साथ में हेल्पर न होने की दशा में संबंधित एजेंसी के विरुद्ध कार्रवाई की जाए, वार्डों में आवारा मवेशी एवं सुअरों के पकड़ने के संबंध में आवश्यक कार्रवाई की जाए ताकि मवेशी
मुक्त वार्ड बनाया जा सके, लालबाई-फूलबाई मार्ग चौड़ीकरण के साथ ही अमृत मिशन एवं सीवरेज का कार्य किया जाए, वार्डों में अवैध गुमटीयों एवं ठेलों पर आवश्यक रूप से कार्रवाई करते हुए अतिक्रमण मुक्त चौराहे बनाए जाएं।
बैठक में पार्षद गब्बर भाटी, गजेंद्र हिरवे, हेमंत गेहलोत, दिलीप परमार, छोटेलाल मंडलोई, इमरान खान, सपना सांखला, उपायुक्त चंद्रशेखर निगम, सहायक अधिकारी अनिल जैन, जोनल अधिकारी सुनील जैन, उपयंत्री मोहित मिश्रा, सपना अधिकारी तिलकराज, सहायक संपत्ति कर अधिकारी उपस्थित थे।
